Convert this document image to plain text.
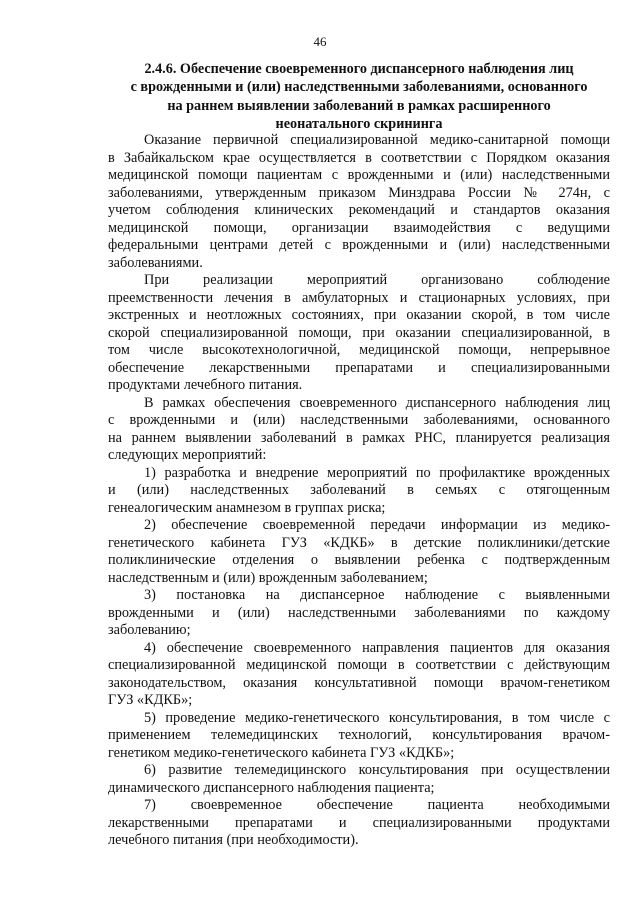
46
2.4.6. Обеспечение своевременного диспансерного наблюдения лиц
с врожденными и (или) наследственными заболеваниями, основанного
на раннем выявлении заболеваний в рамках расширенного
неонатального скрининга
Оказание первичной специализированной медико-санитарной помощи
в Забайкальском крае осуществляется в соответствии с Порядком оказания
медицинской помощи пациентам с врожденными и (или) наследственными
заболеваниями, утвержденным приказом Минздрава России № 274н, с
учетом соблюдения клинических рекомендаций и стандартов оказания
медицинской помощи, организации взаимодействия с ведущими
федеральными центрами детей с врожденными и (или) наследственными
заболеваниями.
При реализации мероприятий организовано соблюдение
преемственности лечения в амбулаторных и стационарных условиях, при
экстренных и неотложных состояниях, при оказании скорой, в том числе
скорой специализированной помощи, при оказании специализированной, в
том числе высокотехнологичной, медицинской помощи, непрерывное
обеспечение лекарственными препаратами и специализированными
продуктами лечебного питания.
В рамках обеспечения своевременного диспансерного наблюдения лиц
с врожденными и (или) наследственными заболеваниями, основанного
на раннем выявлении заболеваний в рамках РНС, планируется реализация
следующих мероприятий:
1) разработка и внедрение мероприятий по профилактике врожденных
и (или) наследственных заболеваний в семьях с отягощенным
генеалогическим анамнезом в группах риска;
2) обеспечение своевременной передачи информации из медико-
генетического кабинета ГУЗ «КДКБ» в детские поликлиники/детские
поликлинические отделения о выявлении ребенка с подтвержденным
наследственным и (или) врожденным заболеванием;
3) постановка на диспансерное наблюдение с выявленными
врожденными и (или) наследственными заболеваниями по каждому
заболеванию;
4) обеспечение своевременного направления пациентов для оказания
специализированной медицинской помощи в соответствии с действующим
законодательством, оказания консультативной помощи врачом-генетиком
ГУЗ «КДКБ»;
5) проведение медико-генетического консультирования, в том числе с
применением телемедицинских технологий, консультирования врачом-
генетиком медико-генетического кабинета ГУЗ «КДКБ»;
6) развитие телемедицинского консультирования при осуществлении
динамического диспансерного наблюдения пациента;
7) своевременное обеспечение пациента необходимыми
лекарственными препаратами и специализированными продуктами
лечебного питания (при необходимости).
